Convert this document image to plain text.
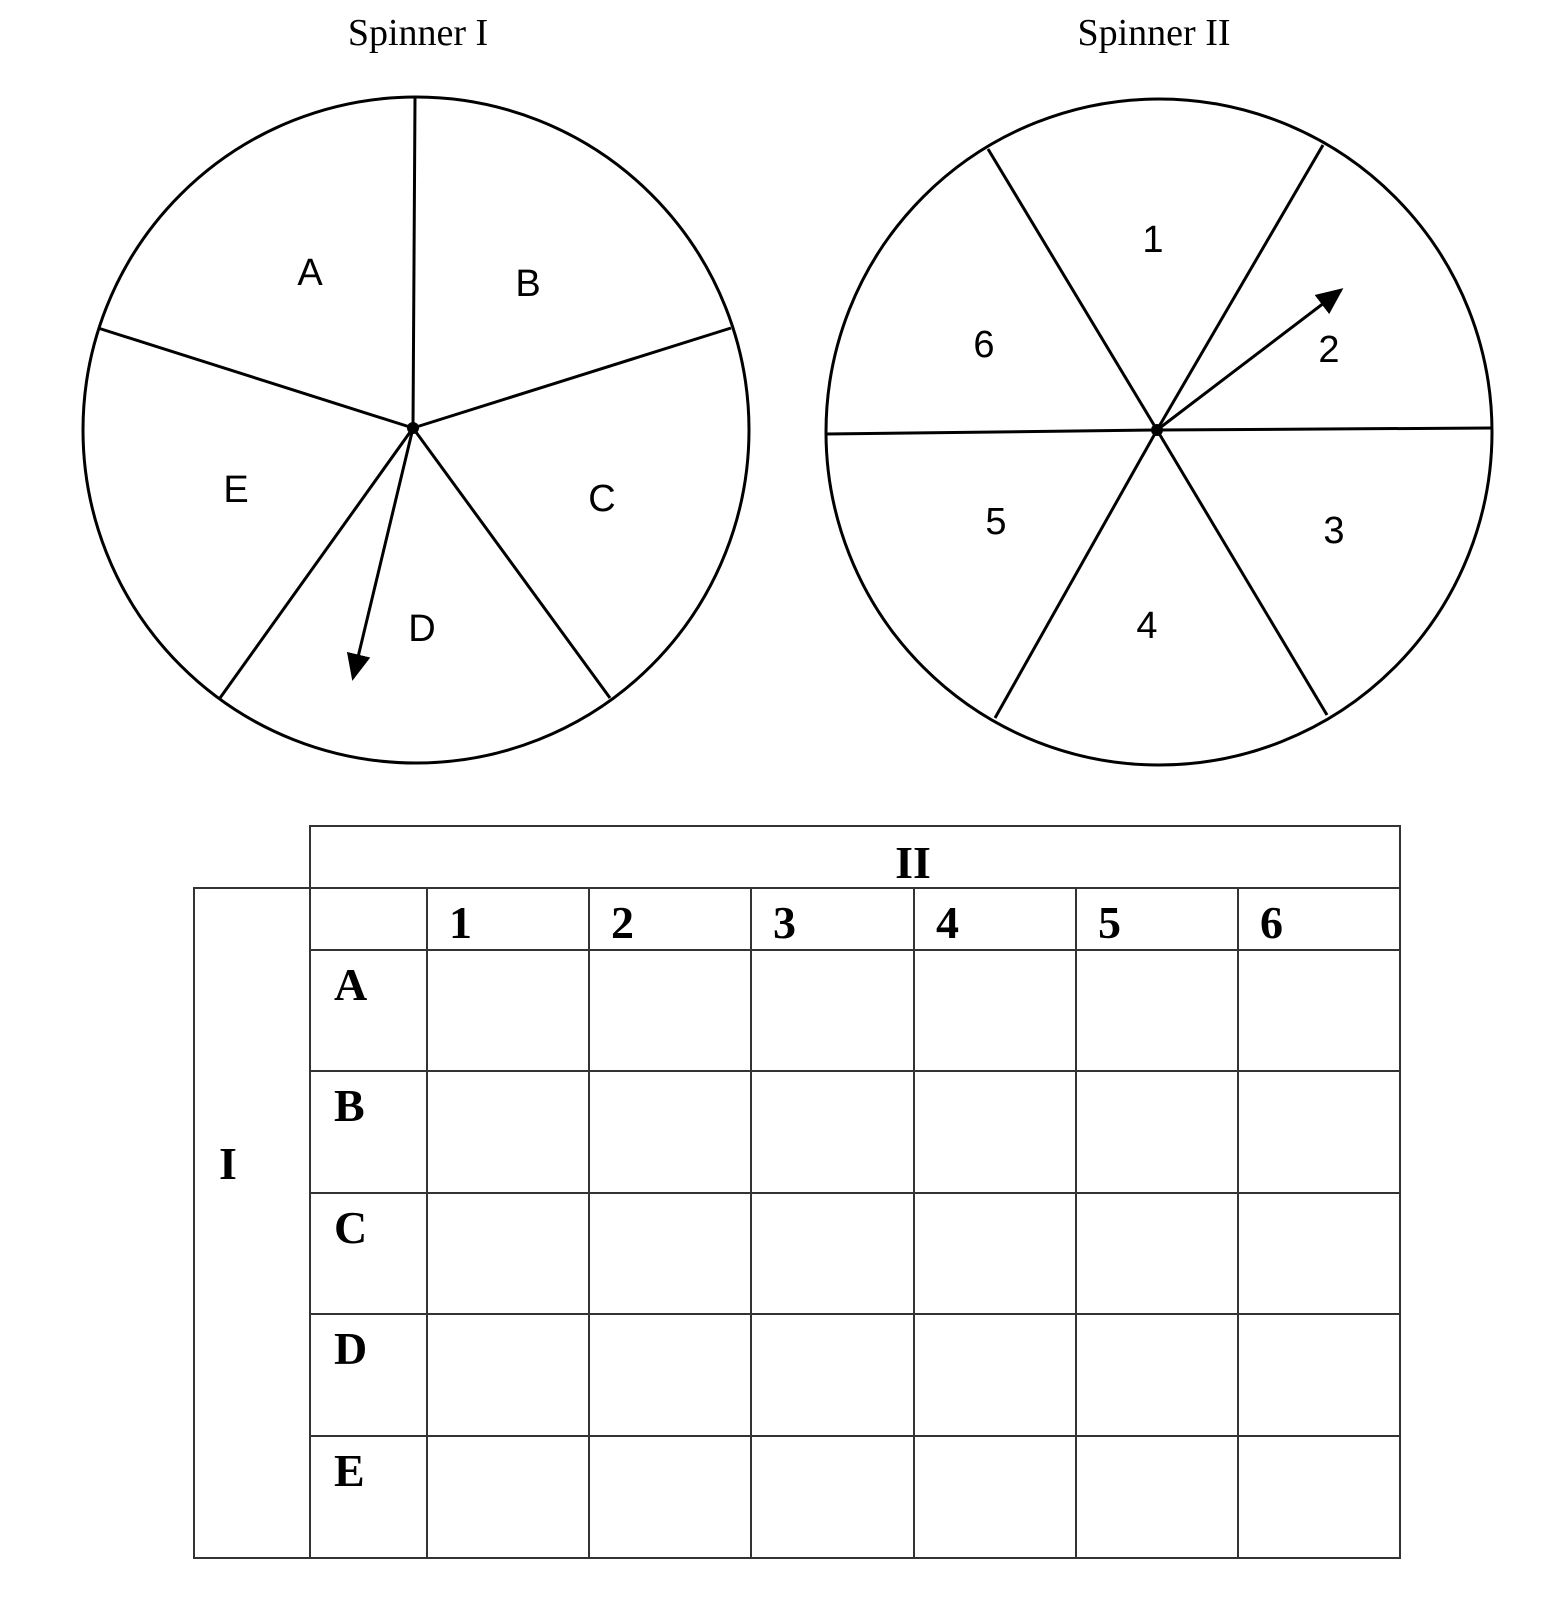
Spinner I
A	B
C
D
E
Spinner II
1
2
3
4
5
6
II
I
1	2	3	4	5	6
A
B
C
D
E
